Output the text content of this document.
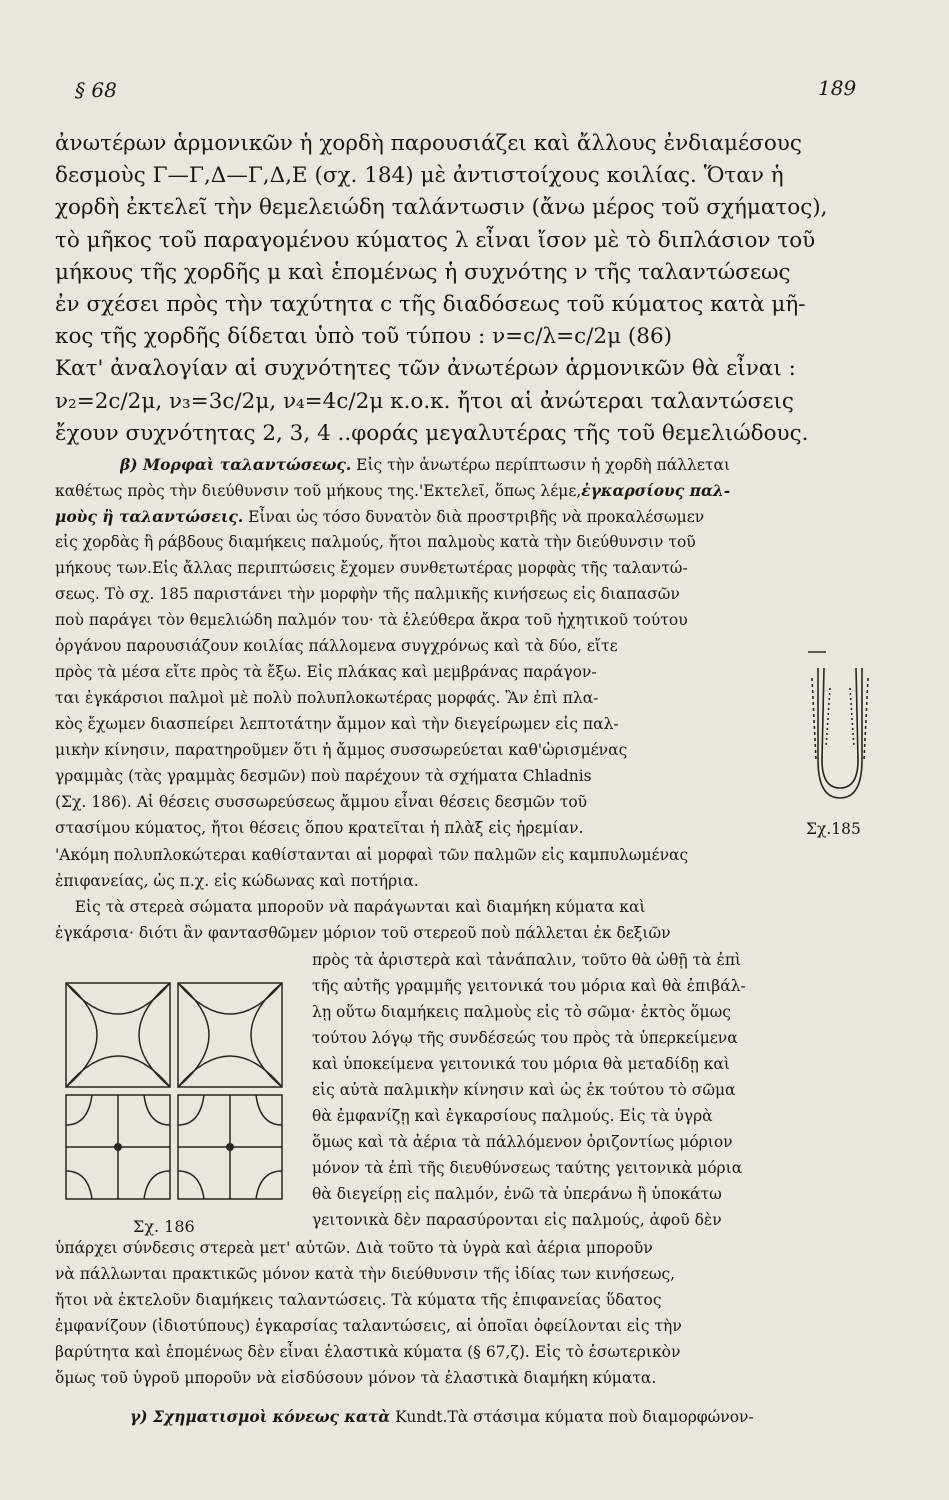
§ 68	189
ἀνωτέρων ἁρμονικῶν ἡ χορδὴ παρουσιάζει καὶ ἄλλους ἐνδιαμέσους
δεσμοὺς Γ—Γ,Δ—Γ,Δ,Ε (σχ. 184) μὲ ἀντιστοίχους κοιλίας. Ὅταν ἡ
χορδὴ ἐκτελεῖ τὴν θεμελειώδη ταλάντωσιν (ἄνω μέρος τοῦ σχήματος),
τὸ μῆκος τοῦ παραγομένου κύματος λ εἶναι ἴσον μὲ τὸ διπλάσιον τοῦ
μήκους τῆς χορδῆς μ καὶ ἑπομένως ἡ συχνότης ν τῆς ταλαντώσεως
ἐν σχέσει πρὸς τὴν ταχύτητα c τῆς διαδόσεως τοῦ κύματος κατὰ μῆ-
κος τῆς χορδῆς δίδεται ὑπὸ τοῦ τύπου : ν=c/λ=c/2μ (86)
Κατ' ἀναλογίαν αἱ συχνότητες τῶν ἀνωτέρων ἁρμονικῶν θὰ εἶναι :
ν₂=2c/2μ, ν₃=3c/2μ, ν₄=4c/2μ κ.ο.κ. ἤτοι αἱ ἀνώτεραι ταλαντώσεις
ἔχουν συχνότητας 2, 3, 4 ..φοράς μεγαλυτέρας τῆς τοῦ θεμελιώδους.
β) Μορφαὶ ταλαντώσεως. Εἰς τὴν ἀνωτέρω περίπτωσιν ἡ χορδὴ πάλλεται
καθέτως πρὸς τὴν διεύθυνσιν τοῦ μήκους της.'Εκτελεῖ, ὅπως λέμε,ἐγκαρσίους παλ-
μοὺς ἢ ταλαντώσεις. Εἶναι ὡς τόσο δυνατὸν διὰ προστριβῆς νὰ προκαλέσωμεν
εἰς χορδὰς ἢ ράβδους διαμήκεις παλμούς, ἤτοι παλμοὺς κατὰ τὴν διεύθυνσιν τοῦ
μήκους των.Εἰς ἄλλας περιπτώσεις ἔχομεν συνθετωτέρας μορφὰς τῆς ταλαντώ-
σεως. Τὸ σχ. 185 παριστάνει τὴν μορφὴν τῆς παλμικῆς κινήσεως εἰς διαπασῶν
ποὺ παράγει τὸν θεμελιώδη παλμόν του· τὰ ἐλεύθερα ἄκρα τοῦ ἠχητικοῦ τούτου
ὀργάνου παρουσιάζουν κοιλίας πάλλομενα συγχρόνως καὶ τὰ δύο, εἴτε
πρὸς τὰ μέσα εἴτε πρὸς τὰ ἔξω. Εἰς πλάκας καὶ μεμβράνας παράγον-
ται ἐγκάρσιοι παλμοὶ μὲ πολὺ πολυπλοκωτέρας μορφάς. Ἂν ἐπὶ πλα-
κὸς ἔχωμεν διασπείρει λεπτοτάτην ἄμμον καὶ τὴν διεγείρωμεν εἰς παλ-
μικὴν κίνησιν, παρατηροῦμεν ὅτι ἡ ἄμμος συσσωρεύεται καθ'ὡρισμένας
γραμμὰς (τὰς γραμμὰς δεσμῶν) ποὺ παρέχουν τὰ σχήματα Chladnis
(Σχ. 186). Αἱ θέσεις συσσωρεύσεως ἄμμου εἶναι θέσεις δεσμῶν τοῦ
στασίμου κύματος, ἤτοι θέσεις ὅπου κρατεῖται ἡ πλὰξ εἰς ἠρεμίαν.
'Ακόμη πολυπλοκώτεραι καθίστανται αἱ μορφαὶ τῶν παλμῶν εἰς καμπυλωμένας
ἐπιφανείας, ὡς π.χ. εἰς κώδωνας καὶ ποτήρια.
Εἰς τὰ στερεὰ σώματα μποροῦν νὰ παράγωνται καὶ διαμήκη κύματα καὶ
ἐγκάρσια· διότι ἂν φαντασθῶμεν μόριον τοῦ στερεοῦ ποὺ πάλλεται ἐκ δεξιῶν
πρὸς τὰ ἀριστερὰ καὶ τἀνάπαλιν, τοῦτο θὰ ὠθῇ τὰ ἐπὶ
τῆς αὐτῆς γραμμῆς γειτονικά του μόρια καὶ θὰ ἐπιβάλ-
λῃ οὕτω διαμήκεις παλμοὺς εἰς τὸ σῶμα· ἐκτὸς ὅμως
τούτου λόγῳ τῆς συνδέσεώς του πρὸς τὰ ὑπερκείμενα
καὶ ὑποκείμενα γειτονικά του μόρια θὰ μεταδίδῃ καὶ
εἰς αὐτὰ παλμικὴν κίνησιν καὶ ὡς ἐκ τούτου τὸ σῶμα
θὰ ἐμφανίζῃ καὶ ἐγκαρσίους παλμούς. Εἰς τὰ ὑγρὰ
ὅμως καὶ τὰ ἀέρια τὰ πάλλόμενον ὁριζοντίως μόριον
μόνον τὰ ἐπὶ τῆς διευθύνσεως ταύτης γειτονικὰ μόρια
θὰ διεγείρῃ εἰς παλμόν, ἐνῶ τὰ ὑπεράνω ἢ ὑποκάτω
γειτονικὰ δὲν παρασύρονται εἰς παλμούς, ἀφοῦ δὲν
ὑπάρχει σύνδεσις στερεὰ μετ' αὐτῶν. Διὰ τοῦτο τὰ ὑγρὰ καὶ ἀέρια μποροῦν
νὰ πάλλωνται πρακτικῶς μόνον κατὰ τὴν διεύθυνσιν τῆς ἰδίας των κινήσεως,
ἤτοι νὰ ἐκτελοῦν διαμήκεις ταλαντώσεις. Τὰ κύματα τῆς ἐπιφανείας ὕδατος
ἐμφανίζουν (ἰδιοτύπους) ἐγκαρσίας ταλαντώσεις, αἱ ὁποῖαι ὀφείλονται εἰς τὴν
βαρύτητα καὶ ἑπομένως δὲν εἶναι ἐλαστικὰ κύματα (§ 67,ζ). Εἰς τὸ ἐσωτερικὸν
ὅμως τοῦ ὑγροῦ μποροῦν νὰ εἰσδύσουν μόνον τὰ ἐλαστικὰ διαμήκη κύματα.
γ) Σχηματισμοὶ κόνεως κατὰ Kundt.Τὰ στάσιμα κύματα ποὺ διαμορφώνον-
Σχ.185
Σχ. 186
